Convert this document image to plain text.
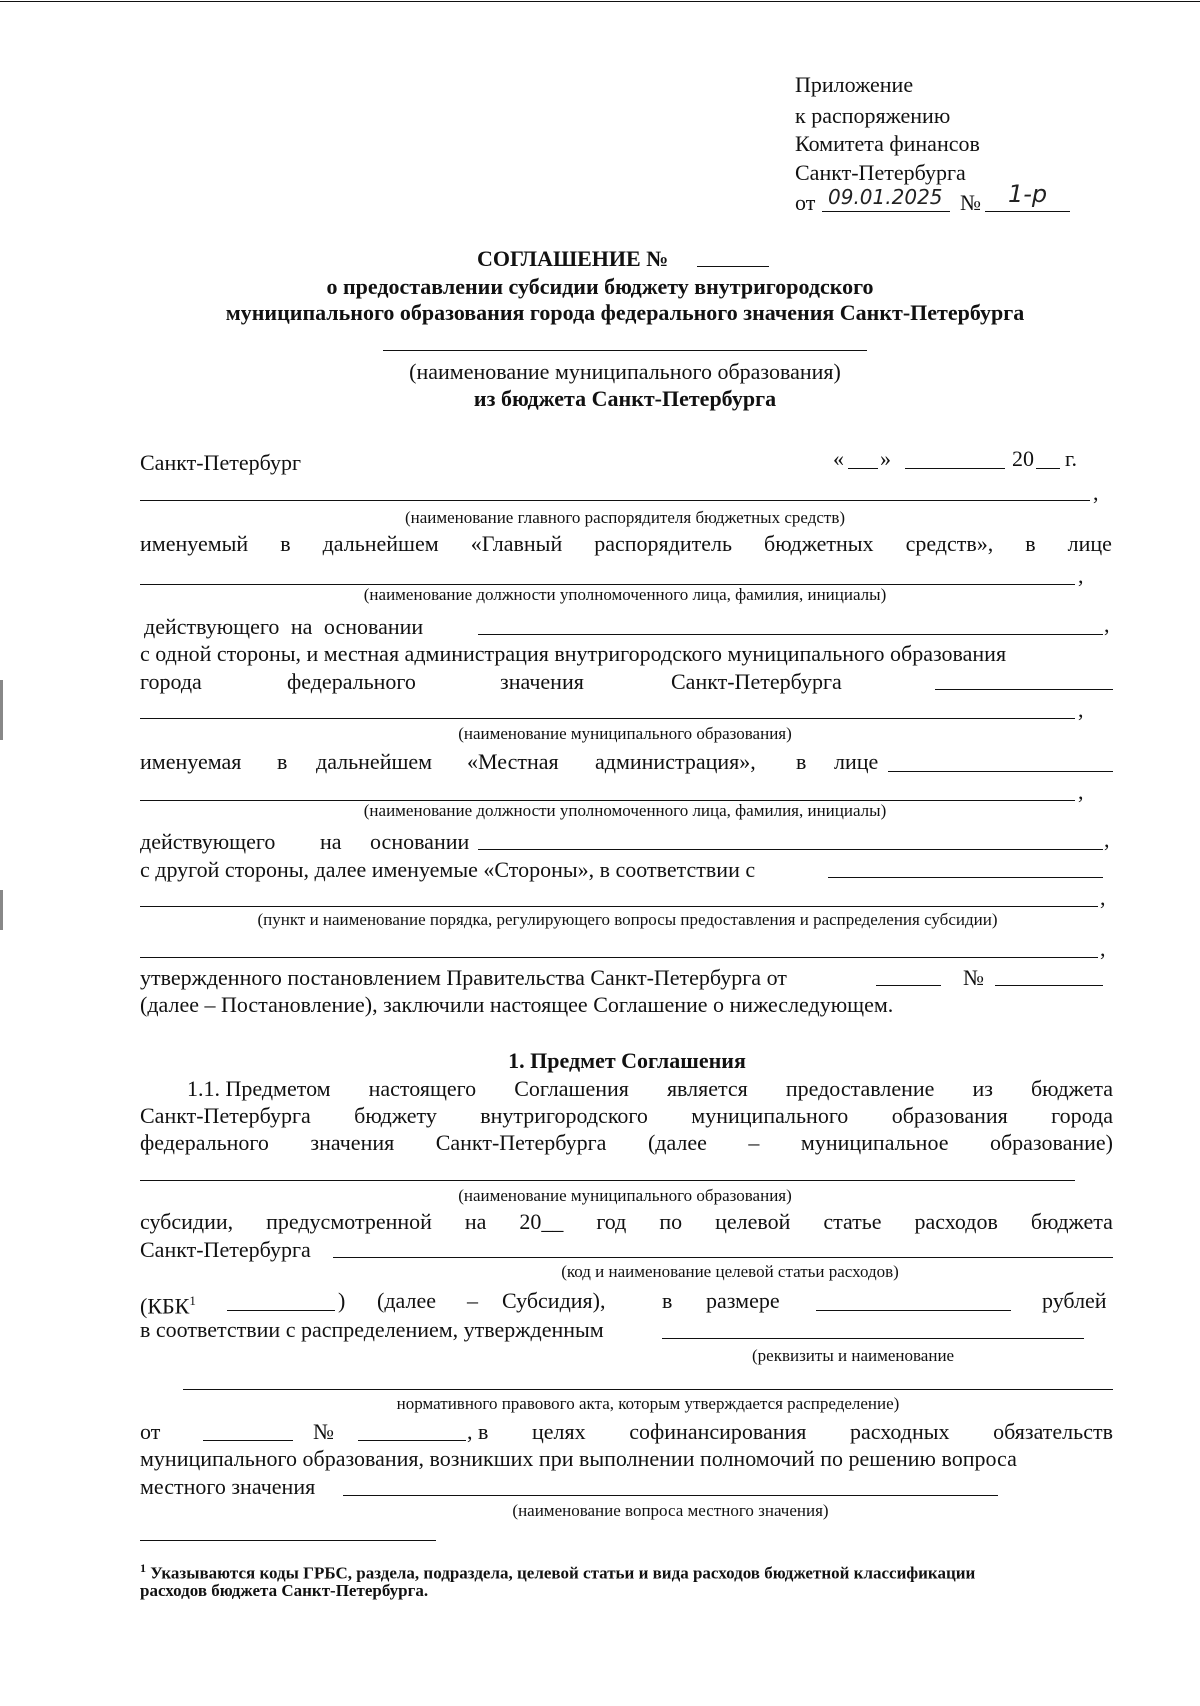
Приложение
к распоряжению
Комитета финансов
Санкт-Петербурга
от 09.01.2025 № 1-р
СОГЛАШЕНИЕ №
о предоставлении субсидии бюджету внутригородского
муниципального образования города федерального значения Санкт-Петербурга
(наименование муниципального образования)
из бюджета Санкт-Петербурга
Санкт-Петербург	« »	20 г.
,
(наименование главного распорядителя бюджетных средств)
именуемый в дальнейшем «Главный распорядитель бюджетных средств», в лице
,
(наименование должности уполномоченного лица, фамилия, инициалы)
действующего на основании	,
с одной стороны, и местная администрация внутригородского муниципального образования
города	федерального	значения	Санкт-Петербурга
,
(наименование муниципального образования)
именуемая в дальнейшем «Местная администрация», в лице
,
(наименование должности уполномоченного лица, фамилия, инициалы)
действующего на основании	,
с другой стороны, далее именуемые «Стороны», в соответствии с
,
(пункт и наименование порядка, регулирующего вопросы предоставления и распределения субсидии)
,
утвержденного постановлением Правительства Санкт-Петербурга от	№
(далее – Постановление), заключили настоящее Соглашение о нижеследующем.
1. Предмет Соглашения
1.1. Предметом настоящего Соглашения является предоставление из бюджета
Санкт-Петербурга бюджету внутригородского муниципального образования города
федерального значения Санкт-Петербурга (далее – муниципальное образование)
(наименование муниципального образования)
субсидии, предусмотренной на 20__ год по целевой статье расходов бюджета
Санкт-Петербурга
(код и наименование целевой статьи расходов)
(КБК$^1$	) (далее – Субсидия),	в размере	рублей
в соответствии с распределением, утвержденным
(реквизиты и наименование
нормативного правового акта, которым утверждается распределение)
от	№	, в целях софинансирования расходных обязательств
муниципального образования, возникших при выполнении полномочий по решению вопроса
местного значения
(наименование вопроса местного значения)
$^1$ Указываются коды ГРБС, раздела, подраздела, целевой статьи и вида расходов бюджетной классификации
расходов бюджета Санкт-Петербурга.
